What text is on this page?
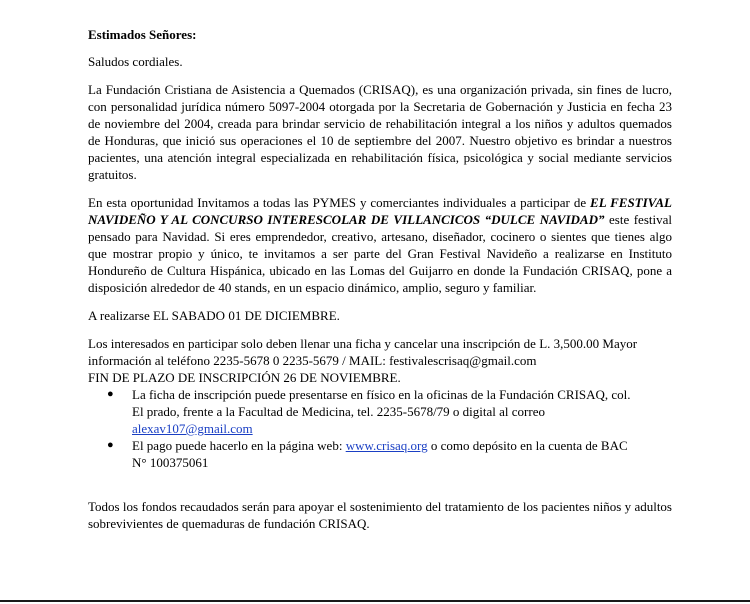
Estimados Señores:

Saludos cordiales.

La Fundación Cristiana de Asistencia a Quemados (CRISAQ), es una organización privada, sin fines de lucro, con personalidad jurídica número 5097-2004 otorgada por la Secretaria de Gobernación y Justicia en fecha 23 de noviembre del 2004, creada para brindar servicio de rehabilitación integral a los niños y adultos quemados de Honduras, que inició sus operaciones el 10 de septiembre del 2007. Nuestro objetivo es brindar a nuestros pacientes, una atención integral especializada en rehabilitación física, psicológica y social mediante servicios gratuitos.

En esta oportunidad Invitamos a todas las PYMES y comerciantes individuales a participar de EL FESTIVAL NAVIDEÑO Y AL CONCURSO INTERESCOLAR DE VILLANCICOS “DULCE NAVIDAD” este festival pensado para Navidad. Si eres emprendedor, creativo, artesano, diseñador, cocinero o sientes que tienes algo que mostrar propio y único, te invitamos a ser parte del Gran Festival Navideño a realizarse en Instituto Hondureño de Cultura Hispánica, ubicado en las Lomas del Guijarro en donde la Fundación CRISAQ, pone a disposición alrededor de 40 stands, en un espacio dinámico, amplio, seguro y familiar.

A realizarse EL SABADO 01 DE DICIEMBRE.

Los interesados en participar solo deben llenar una ficha y cancelar una inscripción de L. 3,500.00 Mayor
información al teléfono 2235-5678 0 2235-5679 / MAIL: festivalescrisaq@gmail.com
FIN DE PLAZO DE INSCRIPCIÓN 26 DE NOVIEMBRE.

● La ficha de inscripción puede presentarse en físico en la oficinas de la Fundación CRISAQ, col. El prado, frente a la Facultad de Medicina, tel. 2235-5678/79 o digital al correo
alexav107@gmail.com
● El pago puede hacerlo en la página web: www.crisaq.org o como depósito en la cuenta de BAC N° 100375061

Todos los fondos recaudados serán para apoyar el sostenimiento del tratamiento de los pacientes niños y adultos sobrevivientes de quemaduras de fundación CRISAQ.
